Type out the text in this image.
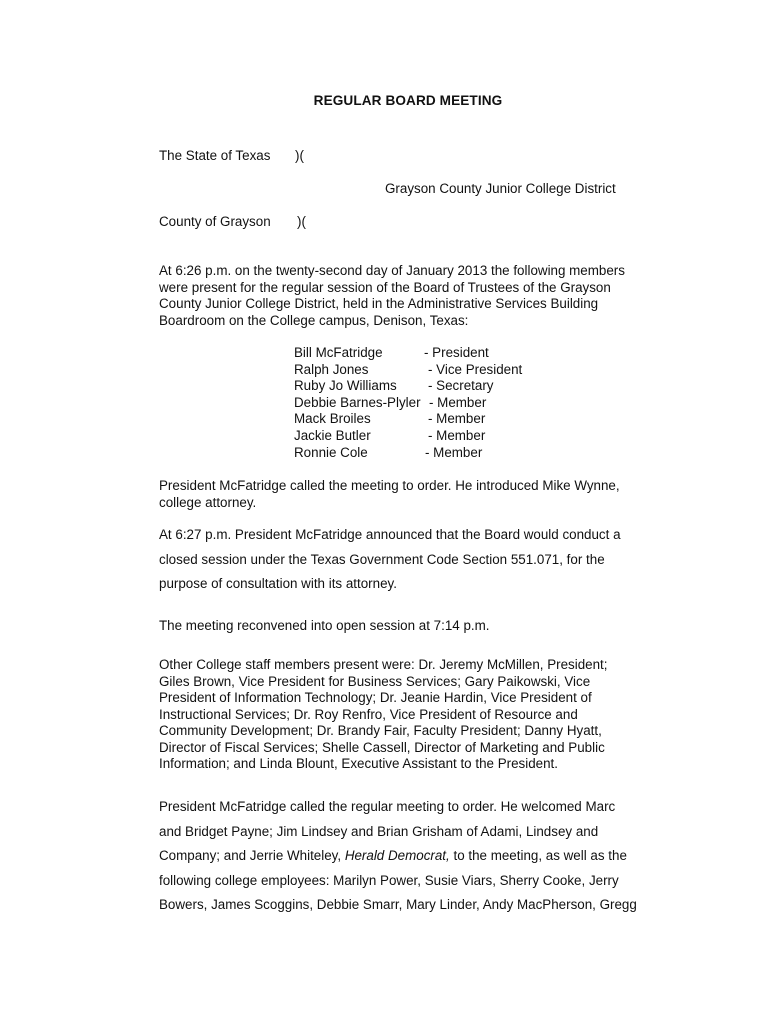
REGULAR BOARD MEETING
The State of Texas )(
Grayson County Junior College District
County of Grayson )(
At 6:26 p.m. on the twenty-second day of January 2013 the following members
were present for the regular session of the Board of Trustees of the Grayson
County Junior College District, held in the Administrative Services Building
Boardroom on the College campus, Denison, Texas:
Bill McFatridge	- President
Ralph Jones	- Vice President
Ruby Jo Williams - Secretary
Debbie Barnes-Plyler - Member
Mack Broiles	- Member
Jackie Butler	- Member
Ronnie Cole	- Member
President McFatridge called the meeting to order. He introduced Mike Wynne,
college attorney.
At 6:27 p.m. President McFatridge announced that the Board would conduct a
closed session under the Texas Government Code Section 551.071, for the
purpose of consultation with its attorney.
The meeting reconvened into open session at 7:14 p.m.
Other College staff members present were: Dr. Jeremy McMillen, President;
Giles Brown, Vice President for Business Services; Gary Paikowski, Vice
President of Information Technology; Dr. Jeanie Hardin, Vice President of
Instructional Services; Dr. Roy Renfro, Vice President of Resource and
Community Development; Dr. Brandy Fair, Faculty President; Danny Hyatt,
Director of Fiscal Services; Shelle Cassell, Director of Marketing and Public
Information; and Linda Blount, Executive Assistant to the President.
President McFatridge called the regular meeting to order. He welcomed Marc
and Bridget Payne; Jim Lindsey and Brian Grisham of Adami, Lindsey and
Company; and Jerrie Whiteley, Herald Democrat, to the meeting, as well as the
following college employees: Marilyn Power, Susie Viars, Sherry Cooke, Jerry
Bowers, James Scoggins, Debbie Smarr, Mary Linder, Andy MacPherson, Gregg
